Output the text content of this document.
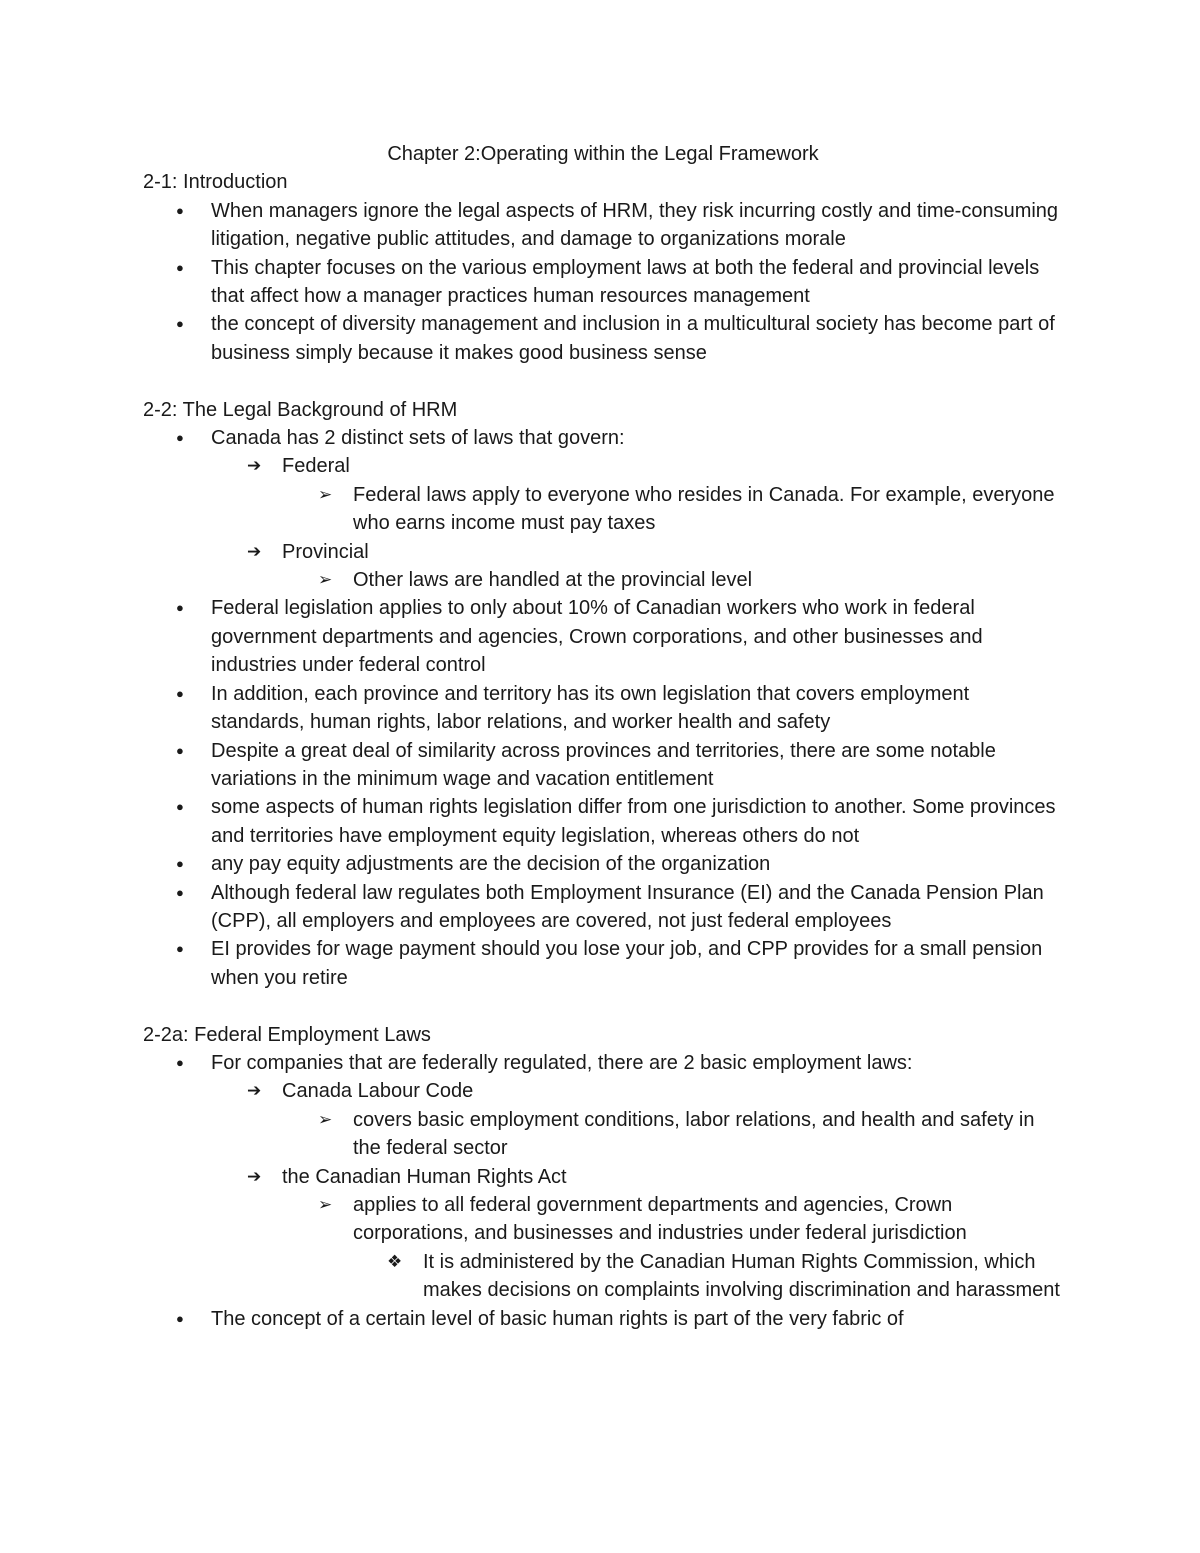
Chapter 2:Operating within the Legal Framework

2-1: Introduction

● When managers ignore the legal aspects of HRM, they risk incurring costly and time-consuming litigation, negative public attitudes, and damage to organizations morale
● This chapter focuses on the various employment laws at both the federal and provincial levels that affect how a manager practices human resources management
● the concept of diversity management and inclusion in a multicultural society has become part of business simply because it makes good business sense

2-2: The Legal Background of HRM

● Canada has 2 distinct sets of laws that govern:
➔ Federal
➢ Federal laws apply to everyone who resides in Canada. For example, everyone who earns income must pay taxes
➔ Provincial
➢ Other laws are handled at the provincial level
● Federal legislation applies to only about 10% of Canadian workers who work in federal government departments and agencies, Crown corporations, and other businesses and industries under federal control
● In addition, each province and territory has its own legislation that covers employment standards, human rights, labor relations, and worker health and safety
● Despite a great deal of similarity across provinces and territories, there are some notable variations in the minimum wage and vacation entitlement
● some aspects of human rights legislation differ from one jurisdiction to another. Some provinces and territories have employment equity legislation, whereas others do not
● any pay equity adjustments are the decision of the organization
● Although federal law regulates both Employment Insurance (EI) and the Canada Pension Plan (CPP), all employers and employees are covered, not just federal employees
● EI provides for wage payment should you lose your job, and CPP provides for a small pension when you retire

2-2a: Federal Employment Laws

● For companies that are federally regulated, there are 2 basic employment laws:
➔ Canada Labour Code
➢ covers basic employment conditions, labor relations, and health and safety in the federal sector
➔ the Canadian Human Rights Act
➢ applies to all federal government departments and agencies, Crown corporations, and businesses and industries under federal jurisdiction
❖ It is administered by the Canadian Human Rights Commission, which makes decisions on complaints involving discrimination and harassment
● The concept of a certain level of basic human rights is part of the very fabric of
